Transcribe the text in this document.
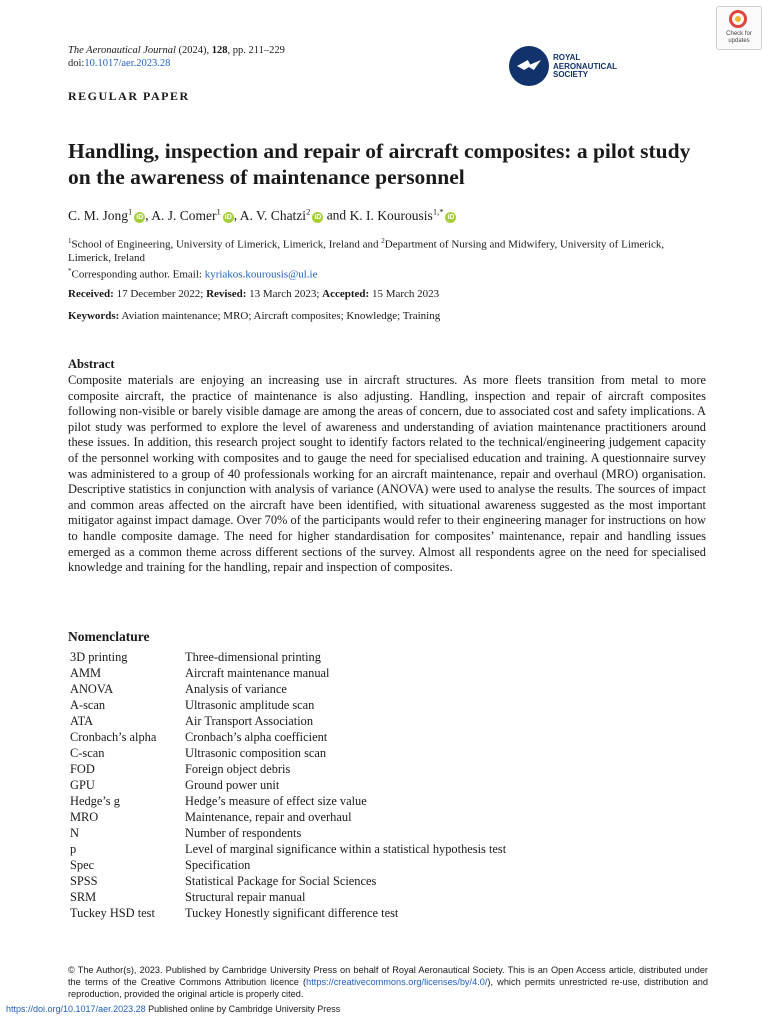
The Aeronautical Journal (2024), 128, pp. 211–229
doi:10.1017/aer.2023.28
Check for
updates
ROYAL
AERONAUTICAL
SOCIETY
REGULAR PAPER
Handling, inspection and repair of aircraft composites: a pilot study on the awareness of maintenance personnel
C. M. Jong$^1$iD , A. J. Comer$^1$iD , A. V. Chatzi$^2$iD and K. I. Kourousis$^{1,*}$iD
$^1$School of Engineering, University of Limerick, Limerick, Ireland and $^2$Department of Nursing and Midwifery, University of Limerick, Limerick, Ireland
*Corresponding author. Email: kyriakos.kourousis@ul.ie
Received: 17 December 2022; Revised: 13 March 2023; Accepted: 15 March 2023
Keywords: Aviation maintenance; MRO; Aircraft composites; Knowledge; Training
Abstract
Composite materials are enjoying an increasing use in aircraft structures. As more fleets transition from metal to more composite aircraft, the practice of maintenance is also adjusting. Handling, inspection and repair of aircraft composites following non-visible or barely visible damage are among the areas of concern, due to associated cost and safety implications. A pilot study was performed to explore the level of awareness and understanding of aviation maintenance practitioners around these issues. In addition, this research project sought to identify factors related to the technical/engineering judgement capacity of the personnel working with composites and to gauge the need for specialised education and training. A questionnaire survey was administered to a group of 40 professionals working for an aircraft maintenance, repair and overhaul (MRO) organisation. Descriptive statistics in conjunction with analysis of variance (ANOVA) were used to analyse the results. The sources of impact and common areas affected on the aircraft have been identified, with situational awareness suggested as the most important mitigator against impact damage. Over 70% of the participants would refer to their engineering manager for instructions on how to handle composite damage. The need for higher standardisation for composites’ maintenance, repair and handling issues emerged as a common theme across different sections of the survey. Almost all respondents agree on the need for specialised knowledge and training for the handling, repair and inspection of composites.
Nomenclature
3D printing	Three-dimensional printing
AMM	Aircraft maintenance manual
ANOVA	Analysis of variance
A-scan	Ultrasonic amplitude scan
ATA	Air Transport Association
Cronbach’s alpha	Cronbach’s alpha coefficient
C-scan	Ultrasonic composition scan
FOD	Foreign object debris
GPU	Ground power unit
Hedge’s g	Hedge’s measure of effect size value
MRO	Maintenance, repair and overhaul
N	Number of respondents
p	Level of marginal significance within a statistical hypothesis test
Spec	Specification
SPSS	Statistical Package for Social Sciences
SRM	Structural repair manual
Tuckey HSD test	Tuckey Honestly significant difference test
© The Author(s), 2023. Published by Cambridge University Press on behalf of Royal Aeronautical Society. This is an Open Access article, distributed under the terms of the Creative Commons Attribution licence (https://creativecommons.org/licenses/by/4.0/), which permits unrestricted re-use, distribution and reproduction, provided the original article is properly cited.
https://doi.org/10.1017/aer.2023.28 Published online by Cambridge University Press
